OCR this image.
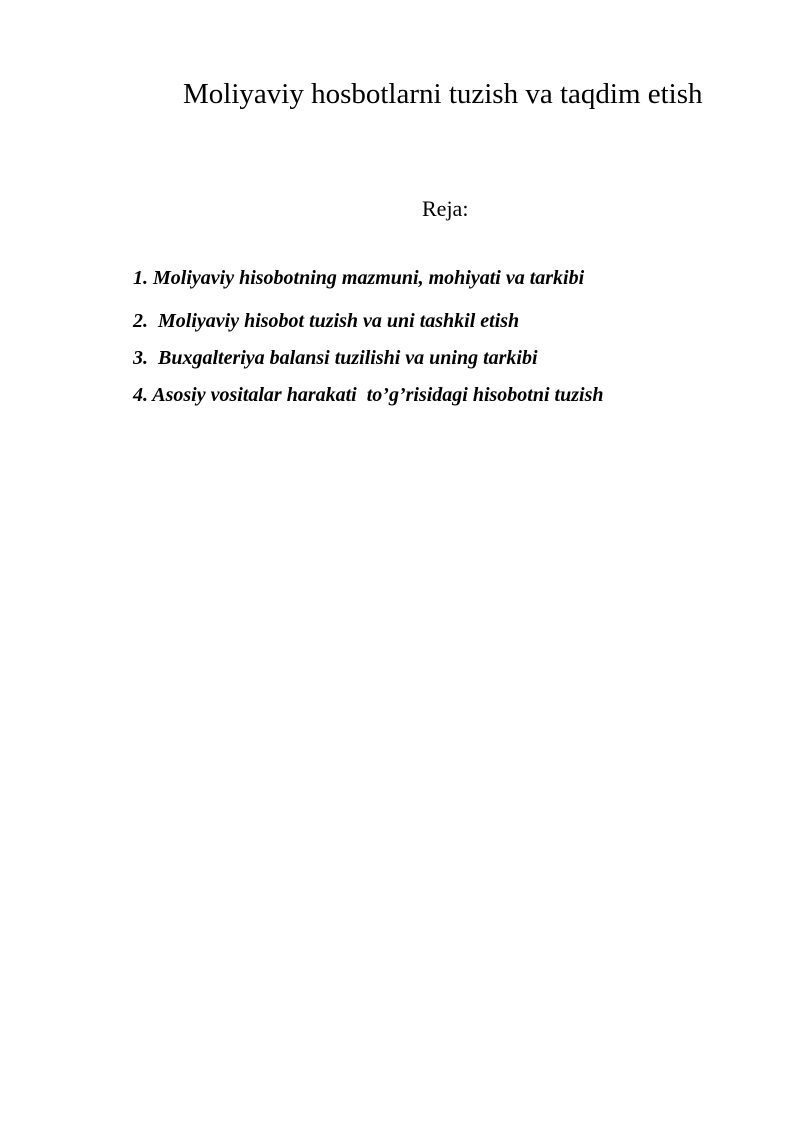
Moliyaviy hosbotlarni tuzish va taqdim etish
Reja:
1. Moliyaviy hisobotning mazmuni, mohiyati va tarkibi
2.  Moliyaviy hisobot tuzish va uni tashkil etish
3.  Buxgalteriya balansi tuzilishi va uning tarkibi
4. Asosiy vositalar harakati  to’g’risidagi hisobotni tuzish
